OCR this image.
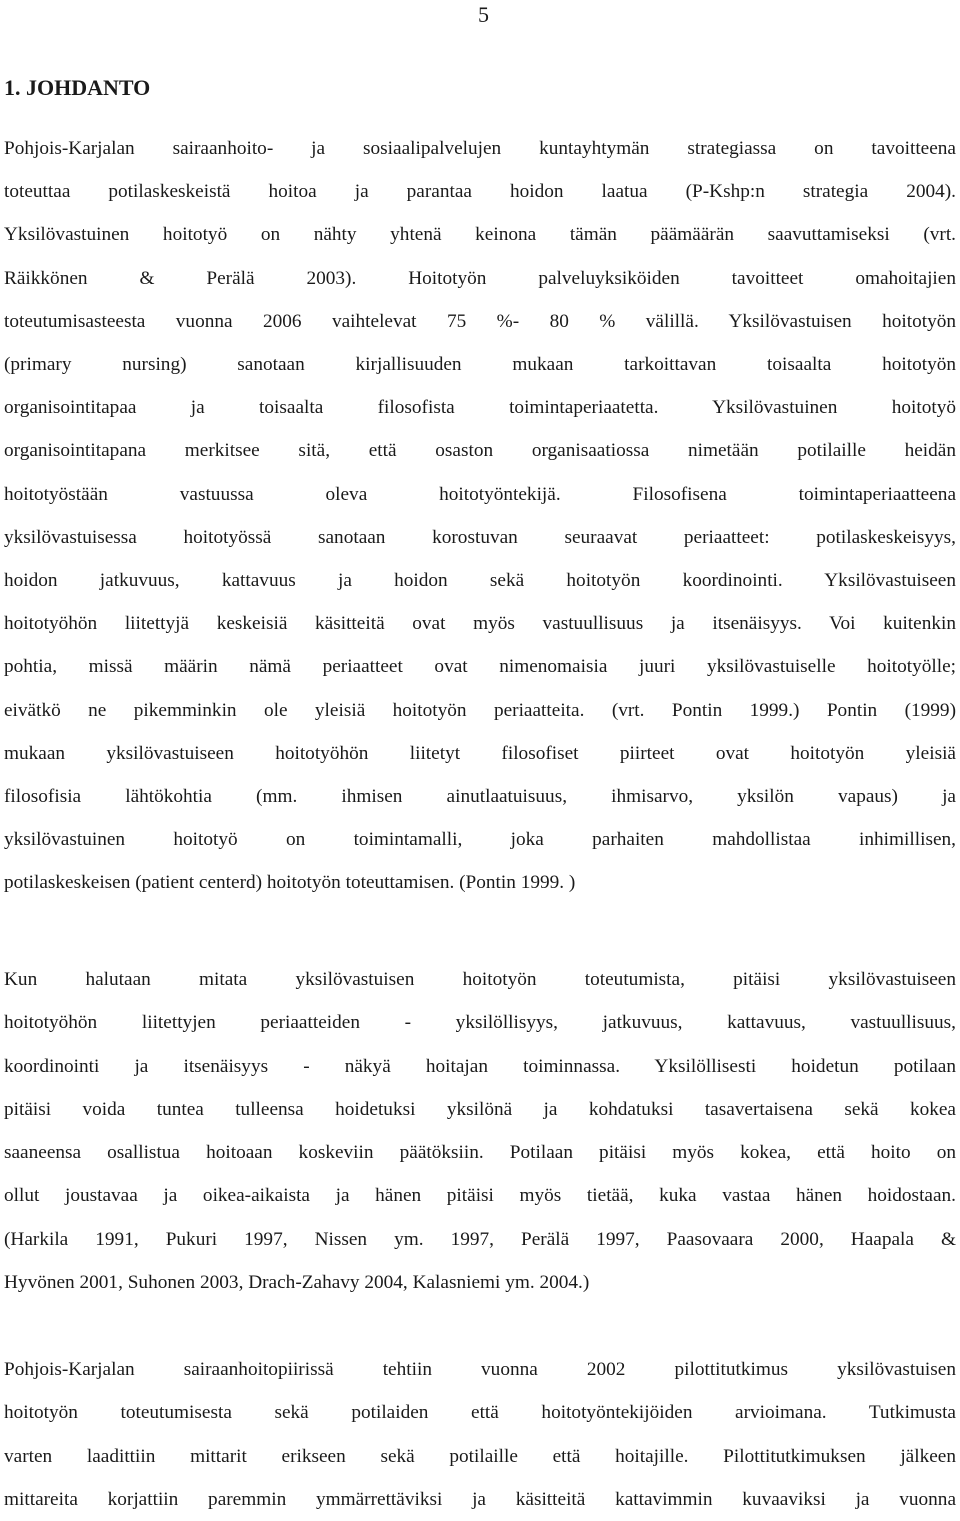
5
1. JOHDANTO
Pohjois-Karjalan sairaanhoito- ja sosiaalipalvelujen kuntayhtymän strategiassa on tavoitteena
toteuttaa potilaskeskeistä hoitoa ja parantaa hoidon laatua (P-Kshp:n strategia 2004).
Yksilövastuinen hoitotyö on nähty yhtenä keinona tämän päämäärän saavuttamiseksi (vrt.
Räikkönen & Perälä 2003). Hoitotyön palveluyksiköiden tavoitteet omahoitajien
toteutumisasteesta vuonna 2006 vaihtelevat 75 %- 80 % välillä. Yksilövastuisen hoitotyön
(primary nursing) sanotaan kirjallisuuden mukaan tarkoittavan toisaalta hoitotyön
organisointitapaa ja toisaalta filosofista toimintaperiaatetta. Yksilövastuinen hoitotyö
organisointitapana merkitsee sitä, että osaston organisaatiossa nimetään potilaille heidän
hoitotyöstään vastuussa oleva hoitotyöntekijä. Filosofisena toimintaperiaatteena
yksilövastuisessa hoitotyössä sanotaan korostuvan seuraavat periaatteet: potilaskeskeisyys,
hoidon jatkuvuus, kattavuus ja hoidon sekä hoitotyön koordinointi. Yksilövastuiseen
hoitotyöhön liitettyjä keskeisiä käsitteitä ovat myös vastuullisuus ja itsenäisyys. Voi kuitenkin
pohtia, missä määrin nämä periaatteet ovat nimenomaisia juuri yksilövastuiselle hoitotyölle;
eivätkö ne pikemminkin ole yleisiä hoitotyön periaatteita. (vrt. Pontin 1999.) Pontin (1999)
mukaan yksilövastuiseen hoitotyöhön liitetyt filosofiset piirteet ovat hoitotyön yleisiä
filosofisia lähtökohtia (mm. ihmisen ainutlaatuisuus, ihmisarvo, yksilön vapaus) ja
yksilövastuinen hoitotyö on toimintamalli, joka parhaiten mahdollistaa inhimillisen,
potilaskeskeisen (patient centerd) hoitotyön toteuttamisen. (Pontin 1999. )
Kun halutaan mitata yksilövastuisen hoitotyön toteutumista, pitäisi yksilövastuiseen
hoitotyöhön liitettyjen periaatteiden - yksilöllisyys, jatkuvuus, kattavuus, vastuullisuus,
koordinointi ja itsenäisyys - näkyä hoitajan toiminnassa. Yksilöllisesti hoidetun potilaan
pitäisi voida tuntea tulleensa hoidetuksi yksilönä ja kohdatuksi tasavertaisena sekä kokea
saaneensa osallistua hoitoaan koskeviin päätöksiin. Potilaan pitäisi myös kokea, että hoito on
ollut joustavaa ja oikea-aikaista ja hänen pitäisi myös tietää, kuka vastaa hänen hoidostaan.
(Harkila 1991, Pukuri 1997, Nissen ym. 1997, Perälä 1997, Paasovaara 2000, Haapala &
Hyvönen 2001, Suhonen 2003, Drach-Zahavy 2004, Kalasniemi ym. 2004.)
Pohjois-Karjalan sairaanhoitopiirissä tehtiin vuonna 2002 pilottitutkimus yksilövastuisen
hoitotyön toteutumisesta sekä potilaiden että hoitotyöntekijöiden arvioimana. Tutkimusta
varten laadittiin mittarit erikseen sekä potilaille että hoitajille. Pilottitutkimuksen jälkeen
mittareita korjattiin paremmin ymmärrettäviksi ja käsitteitä kattavimmin kuvaaviksi ja vuonna
